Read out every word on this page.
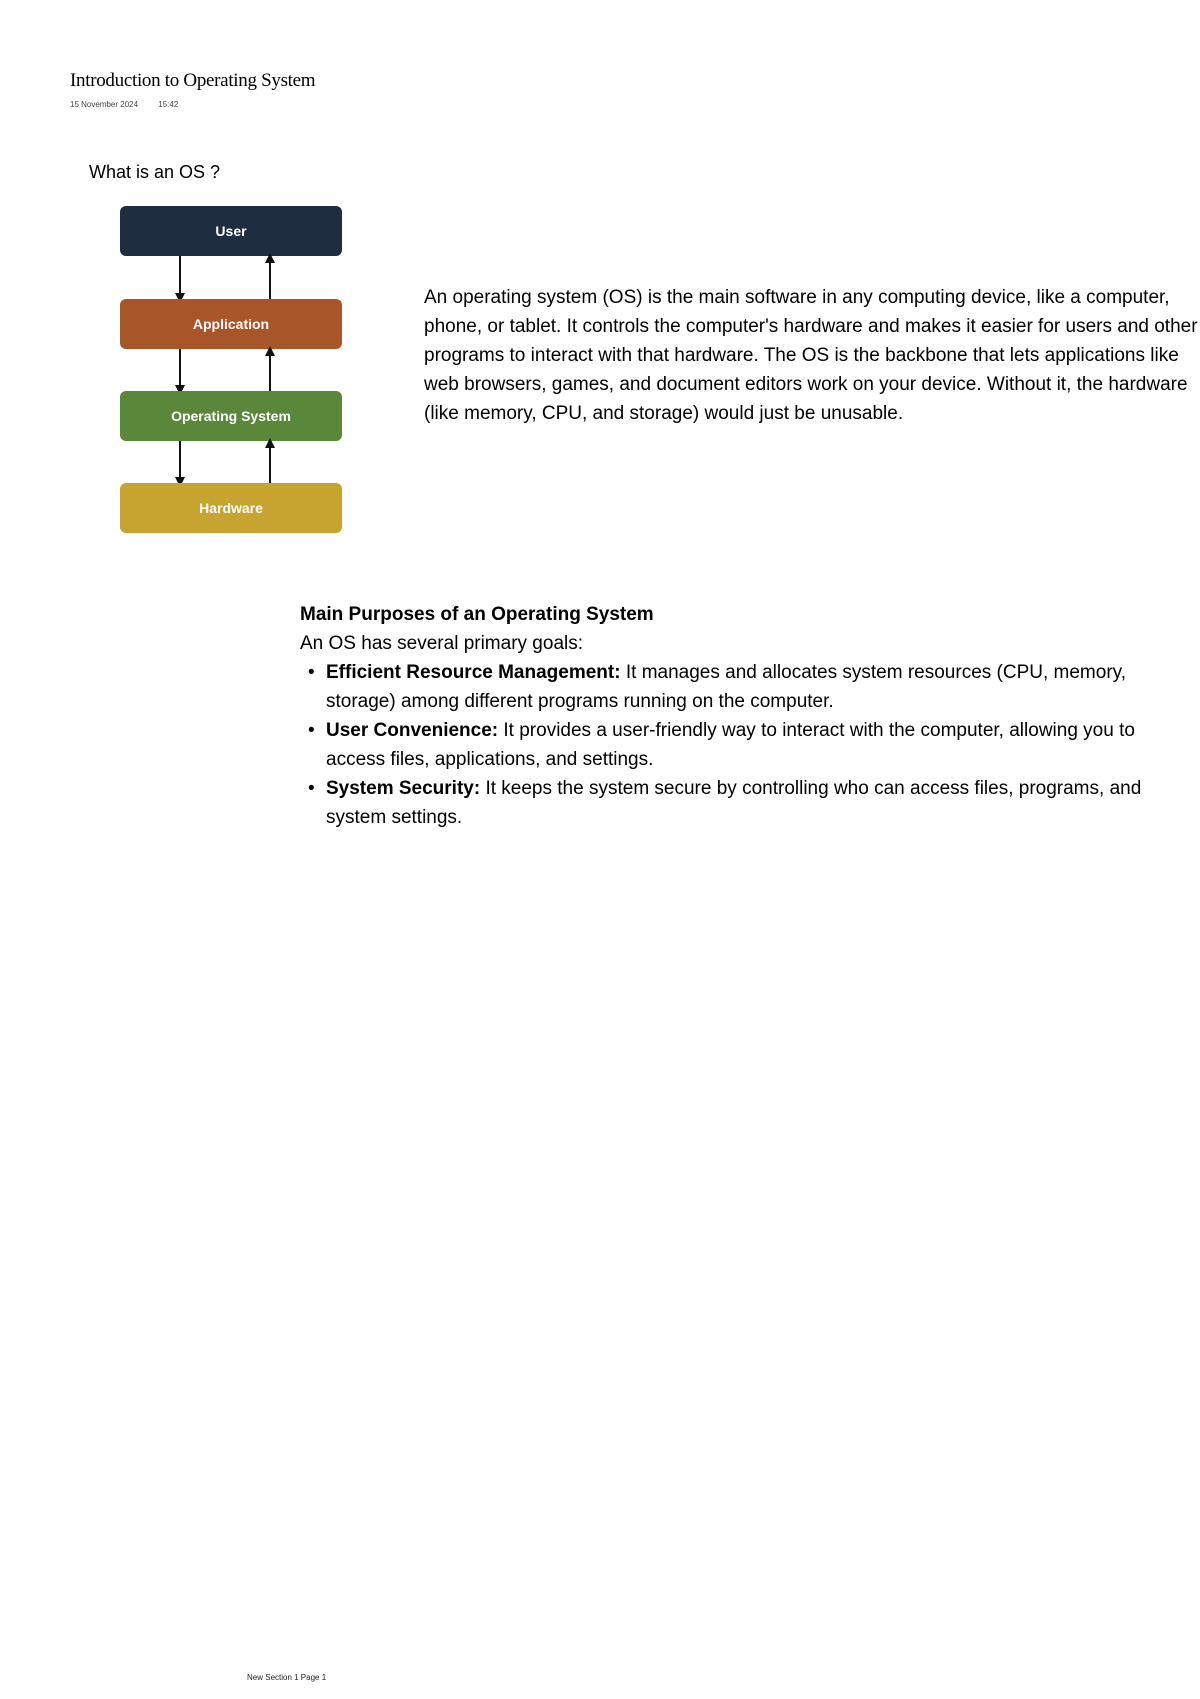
Introduction to Operating System
15 November 2024	15:42
What is an OS ?
User
Application
Operating System
Hardware

An operating system (OS) is the main software in any computing device, like a computer, phone, or tablet. It controls the computer's hardware and makes it easier for users and other programs to interact with that hardware. The OS is the backbone that lets applications like web browsers, games, and document editors work on your device. Without it, the hardware (like memory, CPU, and storage) would just be unusable.

Main Purposes of an Operating System

An OS has several primary goals:

• Efficient Resource Management: It manages and allocates system resources (CPU, memory, storage) among different programs running on the computer.
• User Convenience: It provides a user-friendly way to interact with the computer, allowing you to access files, applications, and settings.
• System Security: It keeps the system secure by controlling who can access files, programs, and system settings.
New Section 1 Page 1
